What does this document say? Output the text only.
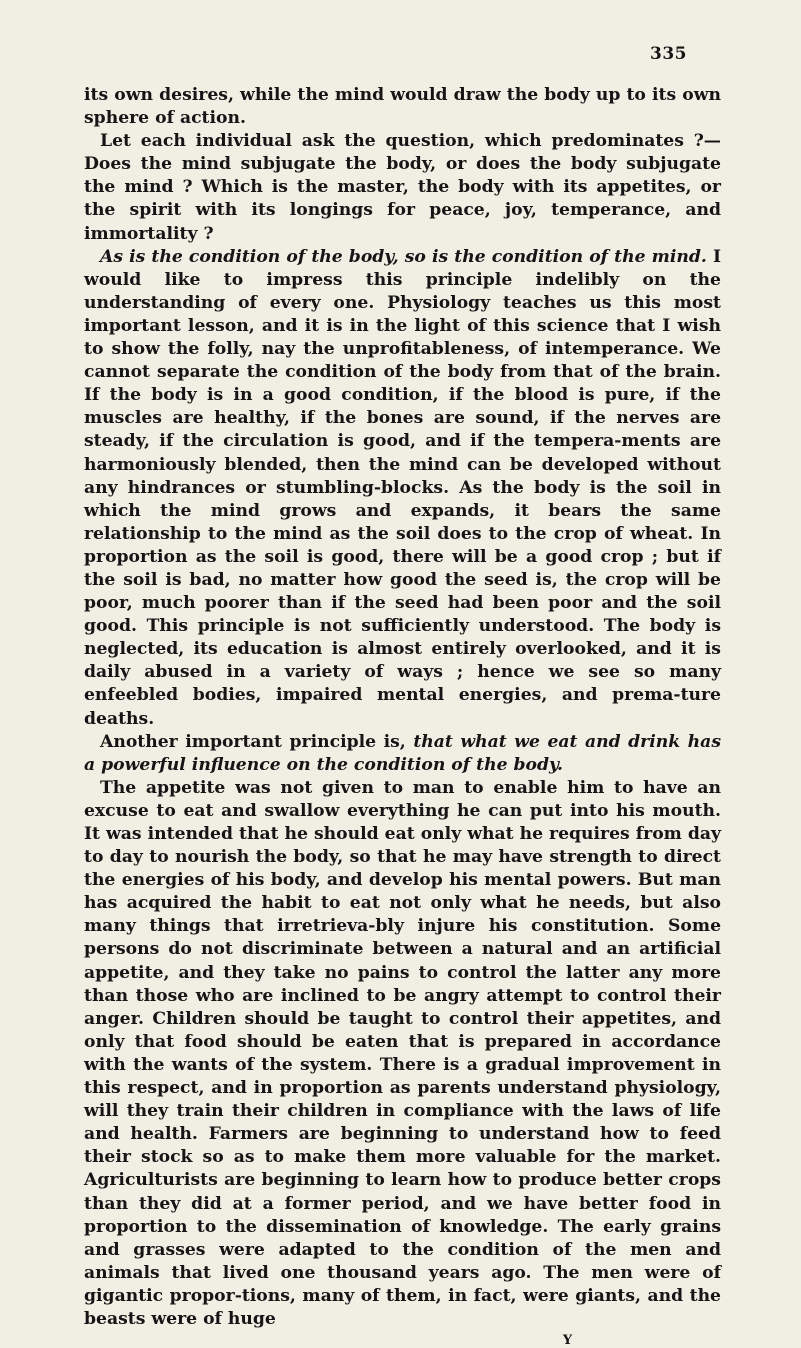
335

its own desires, while the mind would draw the body up to its own sphere of action.

Let each individual ask the question, which predominates ?—Does the mind subjugate the body, or does the body subjugate the mind ? Which is the master, the body with its appetites, or the spirit with its longings for peace, joy, temperance, and immortality ?

As is the condition of the body, so is the condition of the mind. I would like to impress this principle indelibly on the understanding of every one. Physiology teaches us this most important lesson, and it is in the light of this science that I wish to show the folly, nay the unprofitableness, of intemperance. We cannot separate the condition of the body from that of the brain. If the body is in a good condition, if the blood is pure, if the muscles are healthy, if the bones are sound, if the nerves are steady, if the circulation is good, and if the tempera-ments are harmoniously blended, then the mind can be developed without any hindrances or stumbling-blocks. As the body is the soil in which the mind grows and expands, it bears the same relationship to the mind as the soil does to the crop of wheat. In proportion as the soil is good, there will be a good crop ; but if the soil is bad, no matter how good the seed is, the crop will be poor, much poorer than if the seed had been poor and the soil good. This principle is not sufficiently understood. The body is neglected, its education is almost entirely overlooked, and it is daily abused in a variety of ways ; hence we see so many enfeebled bodies, impaired mental energies, and prema-ture deaths.

Another important principle is, that what we eat and drink has a powerful influence on the condition of the body.

The appetite was not given to man to enable him to have an excuse to eat and swallow everything he can put into his mouth. It was intended that he should eat only what he requires from day to day to nourish the body, so that he may have strength to direct the energies of his body, and develop his mental powers. But man has acquired the habit to eat not only what he needs, but also many things that irretrieva-bly injure his constitution. Some persons do not discriminate between a natural and an artificial appetite, and they take no pains to control the latter any more than those who are inclined to be angry attempt to control their anger. Children should be taught to control their appetites, and only that food should be eaten that is prepared in accordance with the wants of the system. There is a gradual improvement in this respect, and in proportion as parents understand physiology, will they train their children in compliance with the laws of life and health. Farmers are beginning to understand how to feed their stock so as to make them more valuable for the market. Agriculturists are beginning to learn how to produce better crops than they did at a former period, and we have better food in proportion to the dissemination of knowledge. The early grains and grasses were adapted to the condition of the men and animals that lived one thousand years ago. The men were of gigantic propor-tions, many of them, in fact, were giants, and the beasts were of huge

Y
